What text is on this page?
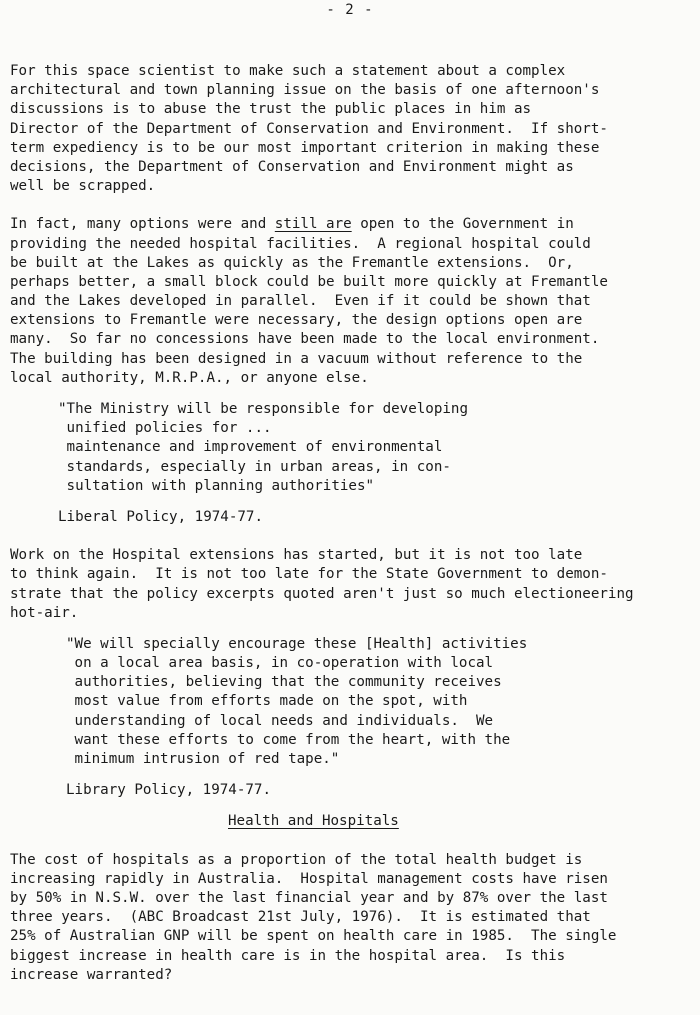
- 2 -
For this space scientist to make such a statement about a complex
architectural and town planning issue on the basis of one afternoon's
discussions is to abuse the trust the public places in him as
Director of the Department of Conservation and Environment.  If short-
term expediency is to be our most important criterion in making these
decisions, the Department of Conservation and Environment might as
well be scrapped.
In fact, many options were and still are open to the Government in
providing the needed hospital facilities.  A regional hospital could
be built at the Lakes as quickly as the Fremantle extensions.  Or,
perhaps better, a small block could be built more quickly at Fremantle
and the Lakes developed in parallel.  Even if it could be shown that
extensions to Fremantle were necessary, the design options open are
many.  So far no concessions have been made to the local environment.
The building has been designed in a vacuum without reference to the
local authority, M.R.P.A., or anyone else.
"The Ministry will be responsible for developing
unified policies for ...
maintenance and improvement of environmental
standards, especially in urban areas, in con-
sultation with planning authorities"
Liberal Policy, 1974-77.
Work on the Hospital extensions has started, but it is not too late
to think again.  It is not too late for the State Government to demon-
strate that the policy excerpts quoted aren't just so much electioneering
hot-air.
"We will specially encourage these [Health] activities
on a local area basis, in co-operation with local
authorities, believing that the community receives
most value from efforts made on the spot, with
understanding of local needs and individuals.  We
want these efforts to come from the heart, with the
minimum intrusion of red tape."
Library Policy, 1974-77.
Health and Hospitals
The cost of hospitals as a proportion of the total health budget is
increasing rapidly in Australia.  Hospital management costs have risen
by 50% in N.S.W. over the last financial year and by 87% over the last
three years.  (ABC Broadcast 21st July, 1976).  It is estimated that
25% of Australian GNP will be spent on health care in 1985.  The single
biggest increase in health care is in the hospital area.  Is this
increase warranted?
